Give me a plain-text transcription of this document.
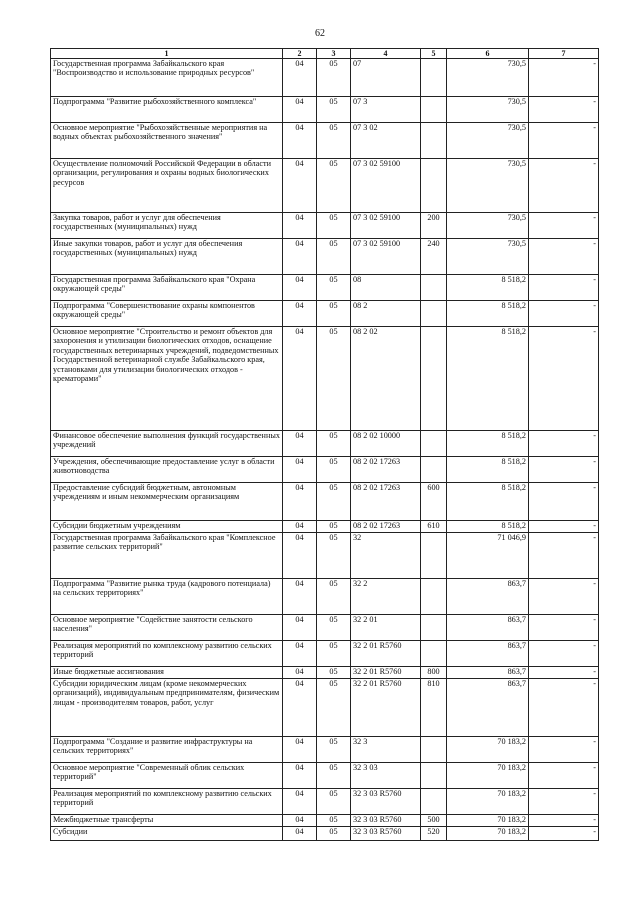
62
1	2	3	4	5	6	7
Государственная программа Забайкальского края "Воспроизводство и использование природных ресурсов"	04	05	07		730,5	-
Подпрограмма "Развитие рыбохозяйственного комплекса"	04	05	07 3		730,5	-
Основное мероприятие "Рыбохозяйственные мероприятия на водных объектах рыбохозяйственного значения"	04	05	07 3 02		730,5	-
Осуществление полномочий Российской Федерации в области организации, регулирования и охраны водных биологических ресурсов	04	05	07 3 02 59100		730,5	-
Закупка товаров, работ и услуг для обеспечения государственных (муниципальных) нужд	04	05	07 3 02 59100	200	730,5	-
Иные закупки товаров, работ и услуг для обеспечения государственных (муниципальных) нужд	04	05	07 3 02 59100	240	730,5	-
Государственная программа Забайкальского края "Охрана окружающей среды"	04	05	08		8 518,2	-
Подпрограмма "Совершенствование охраны компонентов окружающей среды"	04	05	08 2		8 518,2	-
Основное мероприятие "Строительство и ремонт объектов для захоронения и утилизации биологических отходов, оснащение государственных ветеринарных учреждений, подведомственных Государственной ветеринарной службе Забайкальского края, установками для утилизации биологических отходов - крематорами"	04	05	08 2 02		8 518,2	-
Финансовое обеспечение выполнения функций государственных учреждений	04	05	08 2 02 10000		8 518,2	-
Учреждения, обеспечивающие предоставление услуг в области животноводства	04	05	08 2 02 17263		8 518,2	-
Предоставление субсидий бюджетным, автономным учреждениям и иным некоммерческим организациям	04	05	08 2 02 17263	600	8 518,2	-
Субсидии бюджетным учреждениям	04	05	08 2 02 17263	610	8 518,2	-
Государственная программа Забайкальского края "Комплексное развитие сельских территорий"	04	05	32		71 046,9	-
Подпрограмма "Развитие рынка труда (кадрового потенциала) на сельских территориях"	04	05	32 2		863,7	-
Основное мероприятие "Содействие занятости сельского населения"	04	05	32 2 01		863,7	-
Реализация мероприятий по комплексному развитию сельских территорий	04	05	32 2 01 R5760		863,7	-
Иные бюджетные ассигнования	04	05	32 2 01 R5760	800	863,7	-
Субсидии юридическим лицам (кроме некоммерческих организаций), индивидуальным предпринимателям, физическим лицам - производителям товаров, работ, услуг	04	05	32 2 01 R5760	810	863,7	-
Подпрограмма "Создание и развитие инфраструктуры на сельских территориях"	04	05	32 3		70 183,2	-
Основное мероприятие "Современный облик сельских территорий"	04	05	32 3 03		70 183,2	-
Реализация мероприятий по комплексному развитию сельских территорий	04	05	32 3 03 R5760		70 183,2	-
Межбюджетные трансферты	04	05	32 3 03 R5760	500	70 183,2	-
Субсидии	04	05	32 3 03 R5760	520	70 183,2	-
